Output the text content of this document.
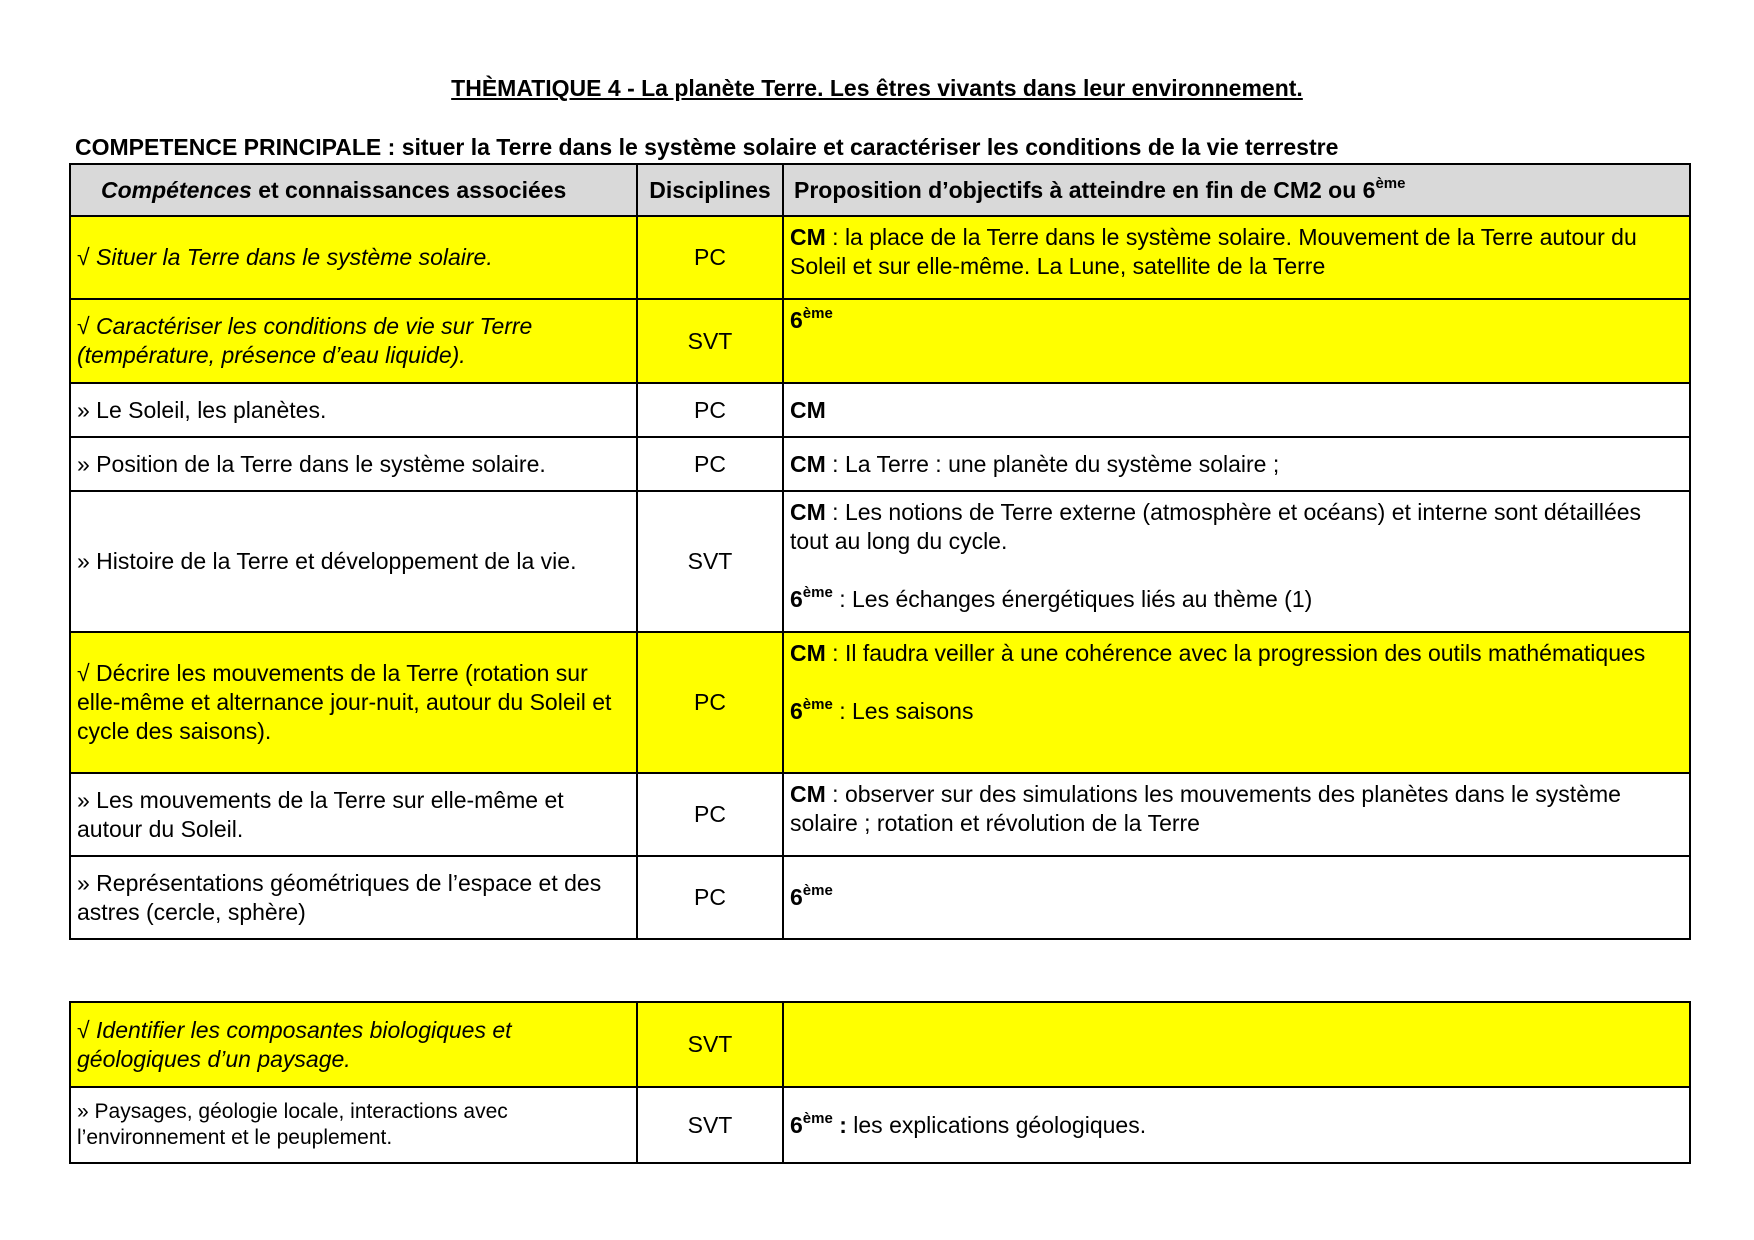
THÈMATIQUE 4 - La planète Terre. Les êtres vivants dans leur environnement.
COMPETENCE PRINCIPALE : situer la Terre dans le système solaire et caractériser les conditions de la vie terrestre
Compétences et connaissances associées	Disciplines	Proposition d’objectifs à atteindre en fin de CM2 ou 6ème
√ Situer la Terre dans le système solaire.	PC	CM : la place de la Terre dans le système solaire. Mouvement de la Terre autour du Soleil et sur elle-même. La Lune, satellite de la Terre
√ Caractériser les conditions de vie sur Terre (température, présence d’eau liquide).	SVT	6ème
» Le Soleil, les planètes.	PC	CM
» Position de la Terre dans le système solaire.	PC	CM : La Terre : une planète du système solaire ;
» Histoire de la Terre et développement de la vie.	SVT	CM : Les notions de Terre externe (atmosphère et océans) et interne sont détaillées tout au long du cycle.
6ème : Les échanges énergétiques liés au thème (1)

√ Décrire les mouvements de la Terre (rotation sur elle-même et alternance jour-nuit, autour du Soleil et cycle des saisons).	PC	CM : Il faudra veiller à une cohérence avec la progression des outils mathématiques
6ème : Les saisons

» Les mouvements de la Terre sur elle-même et autour du Soleil.	PC	CM : observer sur des simulations les mouvements des planètes dans le système solaire ; rotation et révolution de la Terre
» Représentations géométriques de l’espace et des astres (cercle, sphère)	PC	6ème
√ Identifier les composantes biologiques et géologiques d’un paysage.	SVT	
» Paysages, géologie locale, interactions avec l’environnement et le peuplement.	SVT	6ème : les explications géologiques.
